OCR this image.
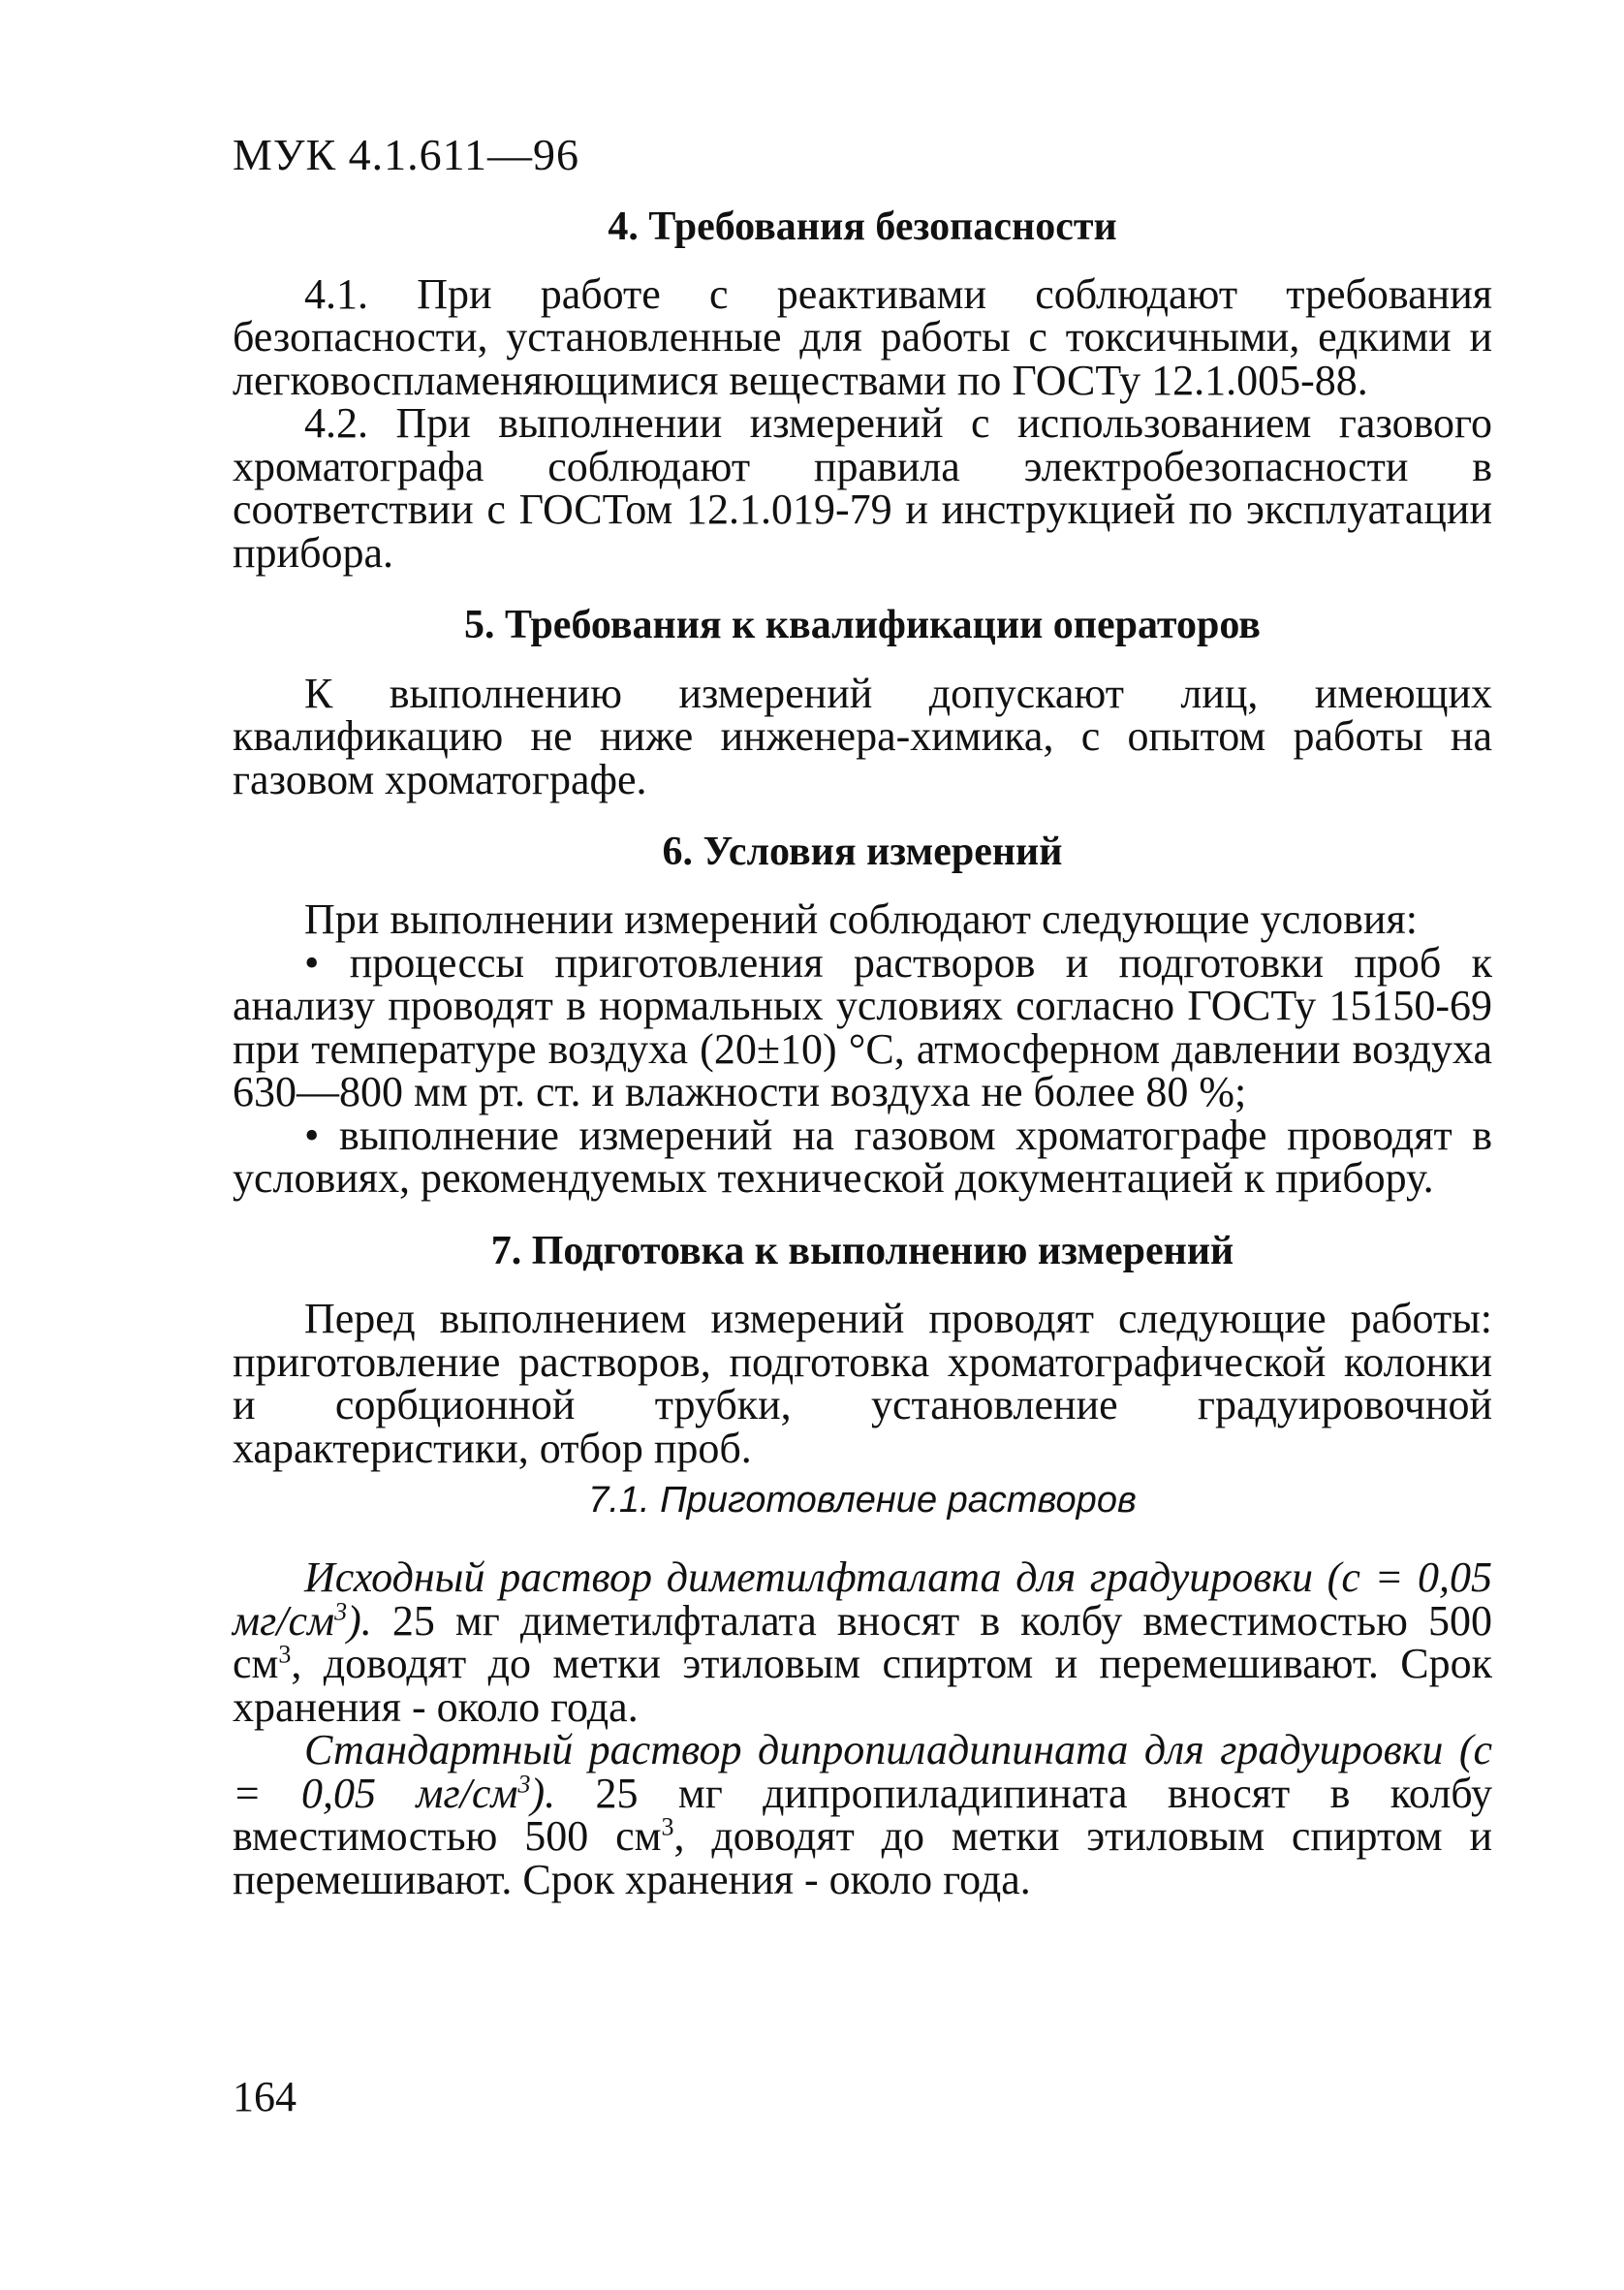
МУК 4.1.611—96
4. Требования безопасности

4.1. При работе с реактивами соблюдают требования безопасности, установленные для работы с токсичными, едкими и легковоспламеняющимися веществами по ГОСТу 12.1.005-88.

4.2. При выполнении измерений с использованием газового хроматографа соблюдают правила электробезопасности в соответствии с ГОСТом 12.1.019-79 и инструкцией по эксплуатации прибора.

5. Требования к квалификации операторов

К выполнению измерений допускают лиц, имеющих квалификацию не ниже инженера-химика, с опытом работы на газовом хроматографе.

6. Условия измерений

При выполнении измерений соблюдают следующие условия:

• процессы приготовления растворов и подготовки проб к анализу проводят в нормальных условиях согласно ГОСТу 15150-69 при температуре воздуха (20±10) °С, атмосферном давлении воздуха 630—800 мм рт. ст. и влажности воздуха не более 80 %;

• выполнение измерений на газовом хроматографе проводят в условиях, рекомендуемых технической документацией к прибору.

7. Подготовка к выполнению измерений

Перед выполнением измерений проводят следующие работы: приготовление растворов, подготовка хроматографической колонки и сорбционной трубки, установление градуировочной характеристики, отбор проб.

7.1. Приготовление растворов

Исходный раствор диметилфталата для градуировки (с = 0,05 $мг/см^3$). 25 мг диметилфталата вносят в колбу вместимостью 500 $см^3$, доводят до метки этиловым спиртом и перемешивают. Срок хранения - около года.

Стандартный раствор дипропиладипината для градуировки (с = 0,05 $мг/см^3$). 25 мг дипропиладипината вносят в колбу вместимостью 500 $см^3$, доводят до метки этиловым спиртом и перемешивают. Срок хранения - около года.

164
